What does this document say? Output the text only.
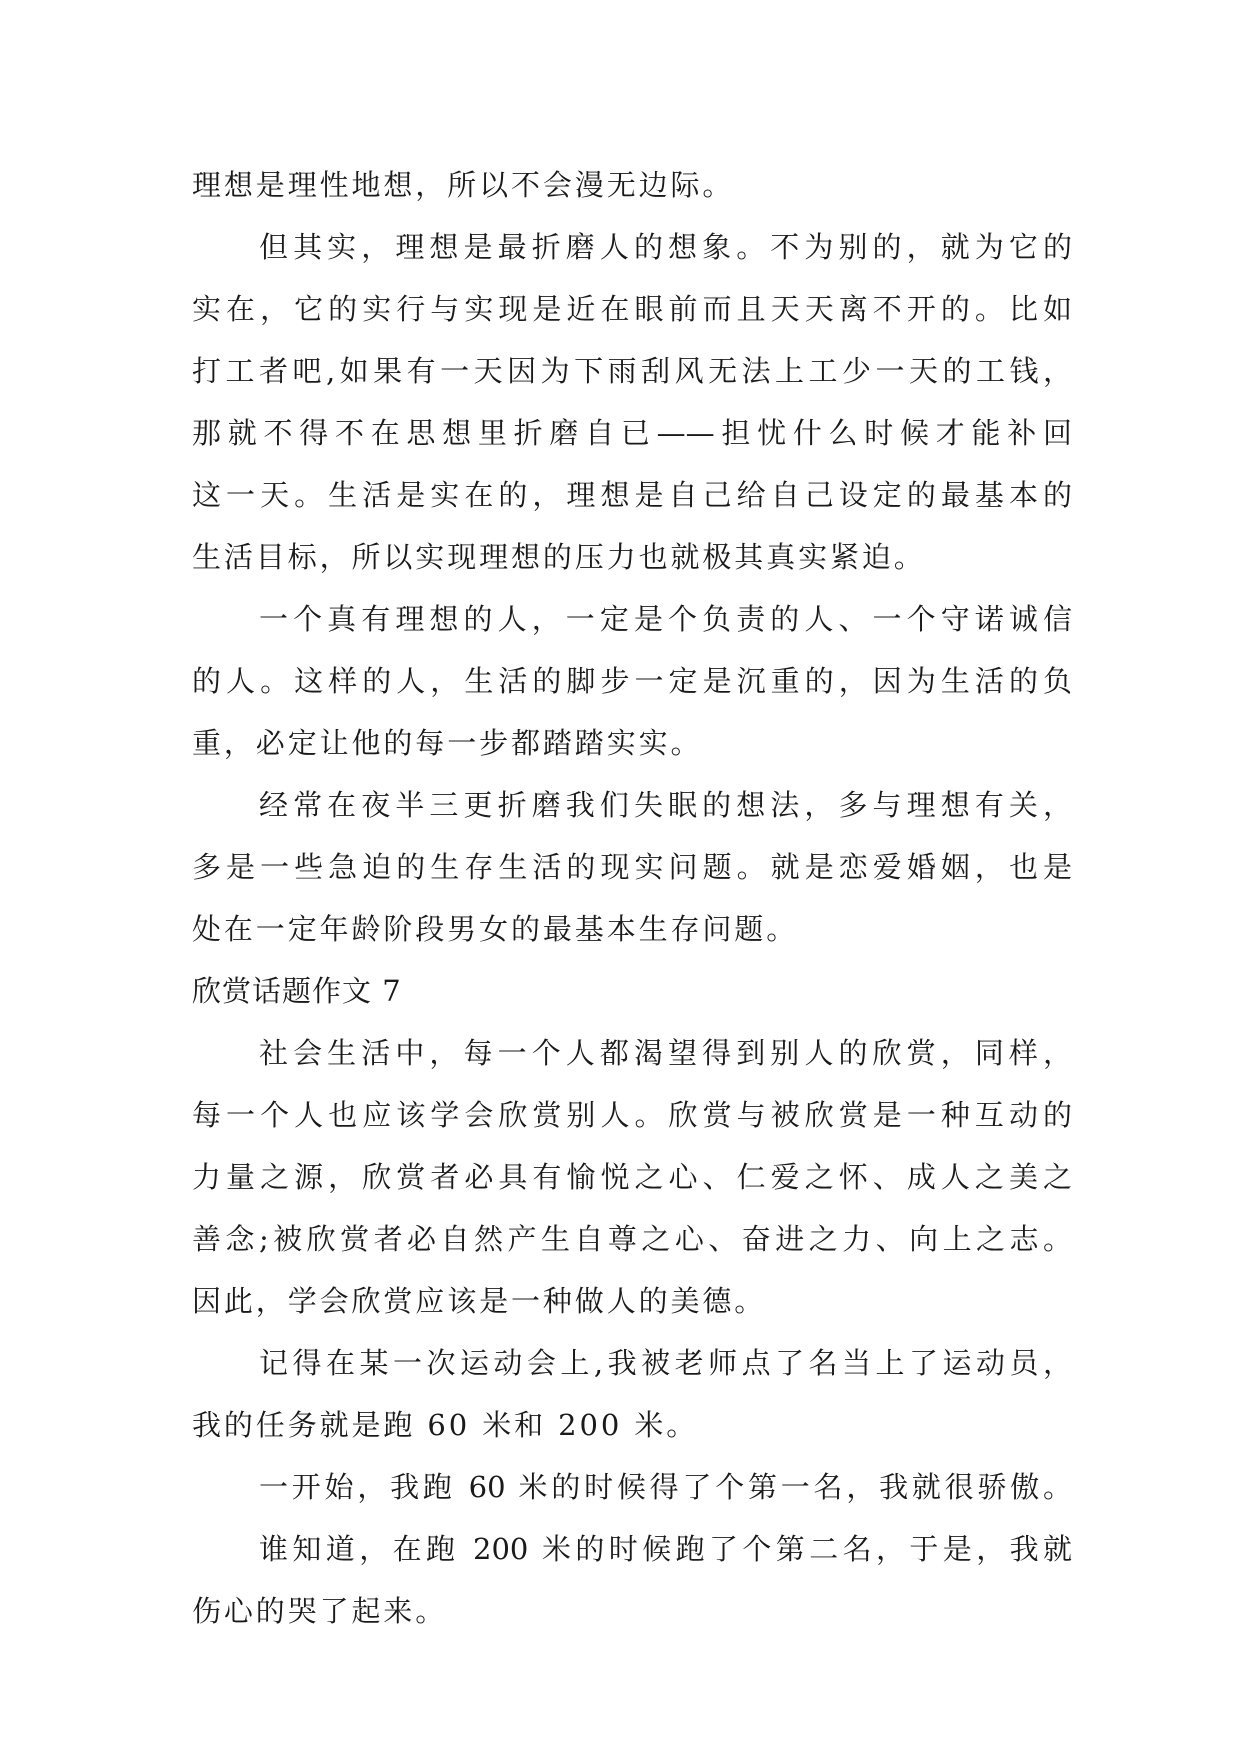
理想是理性地想，所以不会漫无边际。
但其实，理想是最折磨人的想象。不为别的，就为它的
实在，它的实行与实现是近在眼前而且天天离不开的。比如
打工者吧,如果有一天因为下雨刮风无法上工少一天的工钱，
那就不得不在思想里折磨自已——担忧什么时候才能补回
这一天。生活是实在的，理想是自己给自己设定的最基本的
生活目标，所以实现理想的压力也就极其真实紧迫。
一个真有理想的人，一定是个负责的人、一个守诺诚信
的人。这样的人，生活的脚步一定是沉重的，因为生活的负
重，必定让他的每一步都踏踏实实。
经常在夜半三更折磨我们失眠的想法，多与理想有关，
多是一些急迫的生存生活的现实问题。就是恋爱婚姻，也是
处在一定年龄阶段男女的最基本生存问题。
欣赏话题作文 7
社会生活中，每一个人都渴望得到别人的欣赏，同样，
每一个人也应该学会欣赏别人。欣赏与被欣赏是一种互动的
力量之源，欣赏者必具有愉悦之心、仁爱之怀、成人之美之
善念;被欣赏者必自然产生自尊之心、奋进之力、向上之志。
因此，学会欣赏应该是一种做人的美德。
记得在某一次运动会上,我被老师点了名当上了运动员，
我的任务就是跑 60 米和 200 米。
一开始，我跑 60 米的时候得了个第一名，我就很骄傲。
谁知道，在跑 200 米的时候跑了个第二名，于是，我就
伤心的哭了起来。
